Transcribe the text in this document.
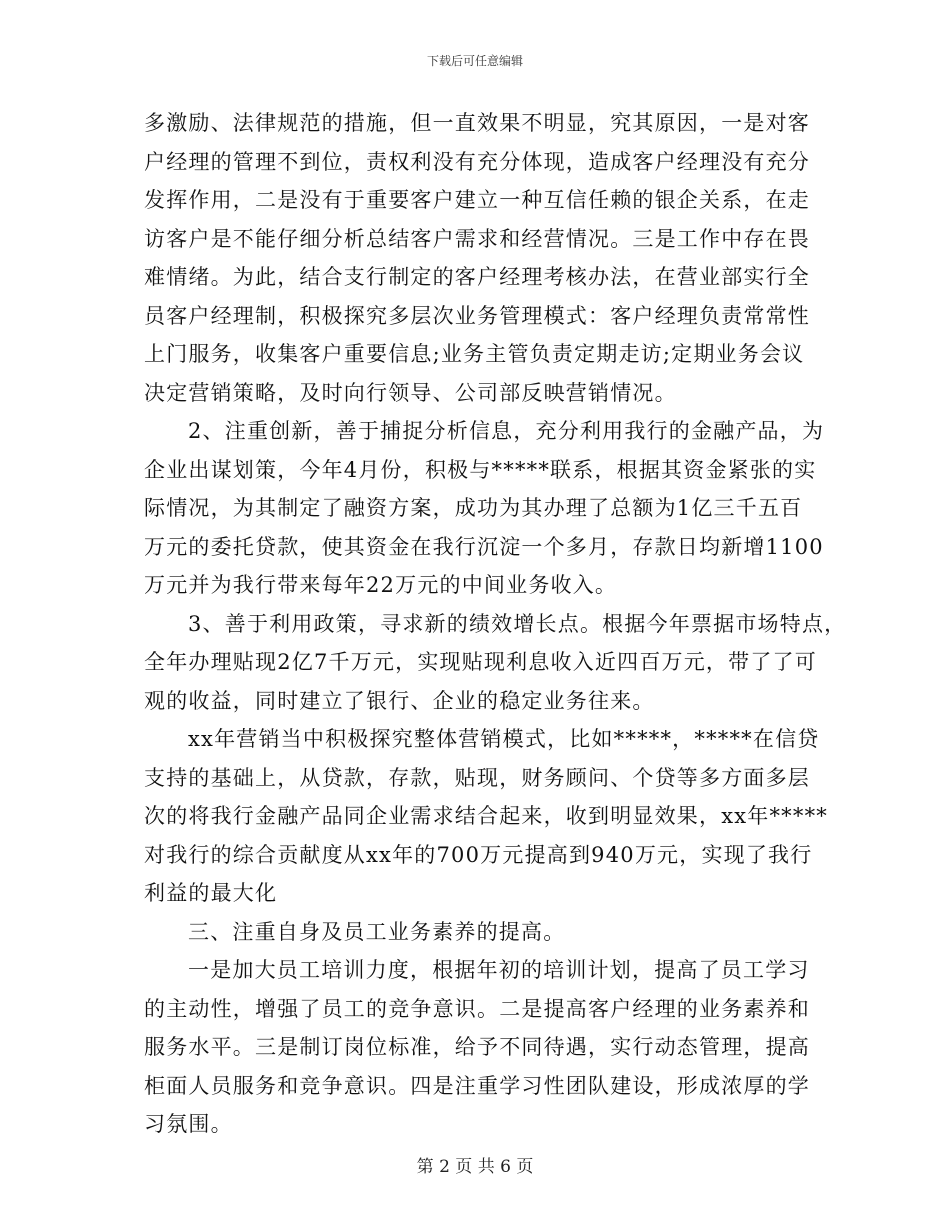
下载后可任意编辑
多激励、法律规范的措施，但一直效果不明显，究其原因，一是对客
户经理的管理不到位，责权利没有充分体现，造成客户经理没有充分
发挥作用，二是没有于重要客户建立一种互信任赖的银企关系，在走
访客户是不能仔细分析总结客户需求和经营情况。三是工作中存在畏
难情绪。为此，结合支行制定的客户经理考核办法，在营业部实行全
员客户经理制，积极探究多层次业务管理模式：客户经理负责常常性
上门服务，收集客户重要信息;业务主管负责定期走访;定期业务会议
决定营销策略，及时向行领导、公司部反映营销情况。
2、注重创新，善于捕捉分析信息，充分利用我行的金融产品，为
企业出谋划策，今年4月份，积极与*****联系，根据其资金紧张的实
际情况，为其制定了融资方案，成功为其办理了总额为1亿三千五百
万元的委托贷款，使其资金在我行沉淀一个多月，存款日均新增1100
万元并为我行带来每年22万元的中间业务收入。
3、善于利用政策，寻求新的绩效增长点。根据今年票据市场特点，
全年办理贴现2亿7千万元，实现贴现利息收入近四百万元，带了了可
观的收益，同时建立了银行、企业的稳定业务往来。
xx年营销当中积极探究整体营销模式，比如*****，*****在信贷
支持的基础上，从贷款，存款，贴现，财务顾问、个贷等多方面多层
次的将我行金融产品同企业需求结合起来，收到明显效果，xx年*****
对我行的综合贡献度从xx年的700万元提高到940万元，实现了我行
利益的最大化
三、注重自身及员工业务素养的提高。
一是加大员工培训力度，根据年初的培训计划，提高了员工学习
的主动性，增强了员工的竞争意识。二是提高客户经理的业务素养和
服务水平。三是制订岗位标准，给予不同待遇，实行动态管理，提高
柜面人员服务和竞争意识。四是注重学习性团队建设，形成浓厚的学
习氛围。
第 2 页 共 6 页
